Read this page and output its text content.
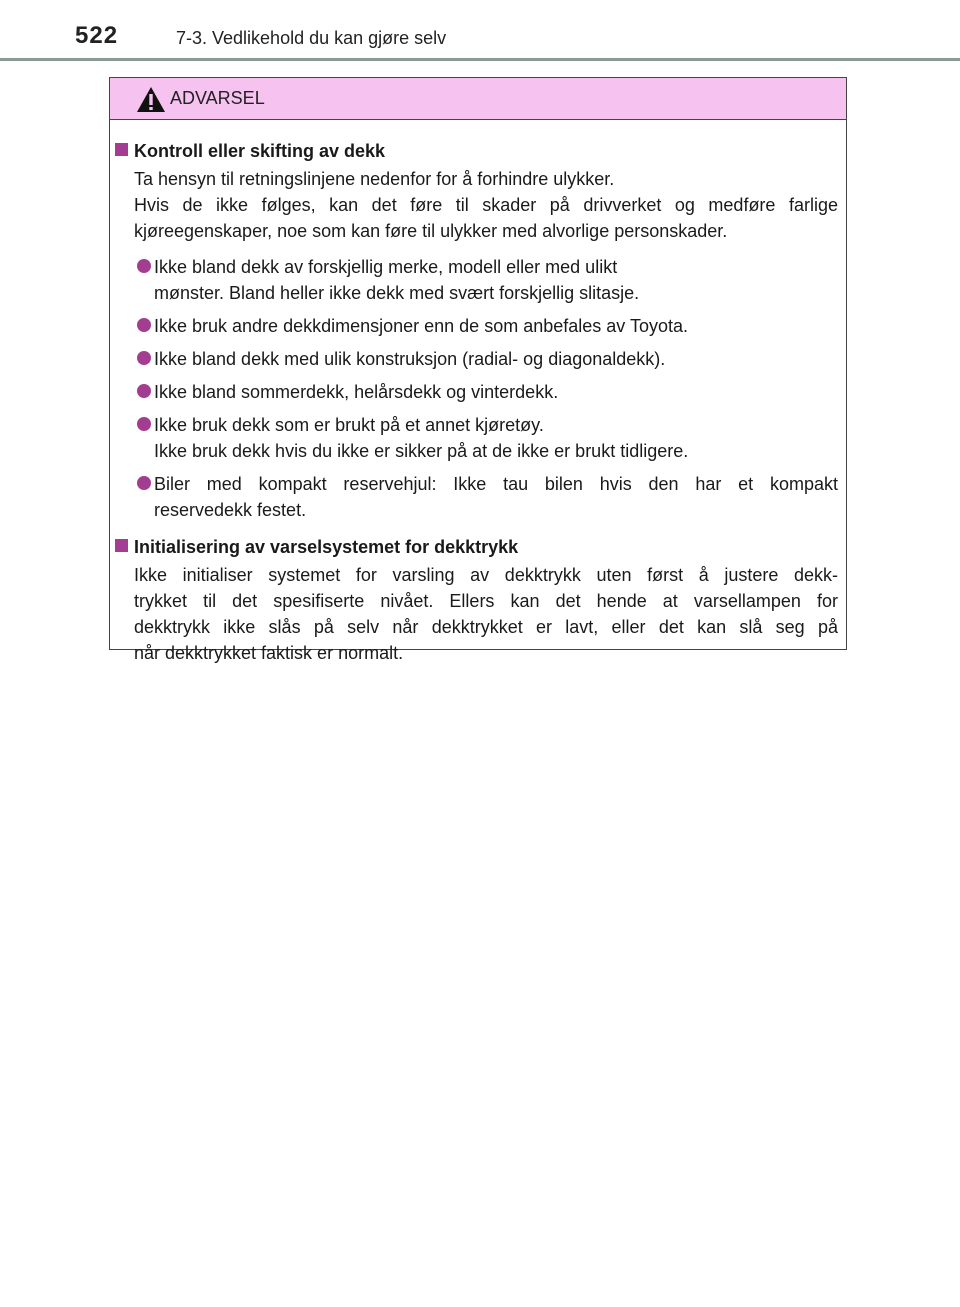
522	7-3. Vedlikehold du kan gjøre selv
ADVARSEL
Kontroll eller skifting av dekk
Ta hensyn til retningslinjene nedenfor for å forhindre ulykker.
Hvis de ikke følges, kan det føre til skader på drivverket og medføre farlige
kjøreegenskaper, noe som kan føre til ulykker med alvorlige personskader.
Ikke bland dekk av forskjellig merke, modell eller med ulikt
mønster. Bland heller ikke dekk med svært forskjellig slitasje.
Ikke bruk andre dekkdimensjoner enn de som anbefales av Toyota.
Ikke bland dekk med ulik konstruksjon (radial- og diagonaldekk).
Ikke bland sommerdekk, helårsdekk og vinterdekk.
Ikke bruk dekk som er brukt på et annet kjøretøy.
Ikke bruk dekk hvis du ikke er sikker på at de ikke er brukt tidligere.
Biler med kompakt reservehjul: Ikke tau bilen hvis den har et kompakt
reservedekk festet.
Initialisering av varselsystemet for dekktrykk
Ikke initialiser systemet for varsling av dekktrykk uten først å justere dekk-
trykket til det spesifiserte nivået. Ellers kan det hende at varsellampen for
dekktrykk ikke slås på selv når dekktrykket er lavt, eller det kan slå seg på
når dekktrykket faktisk er normalt.
